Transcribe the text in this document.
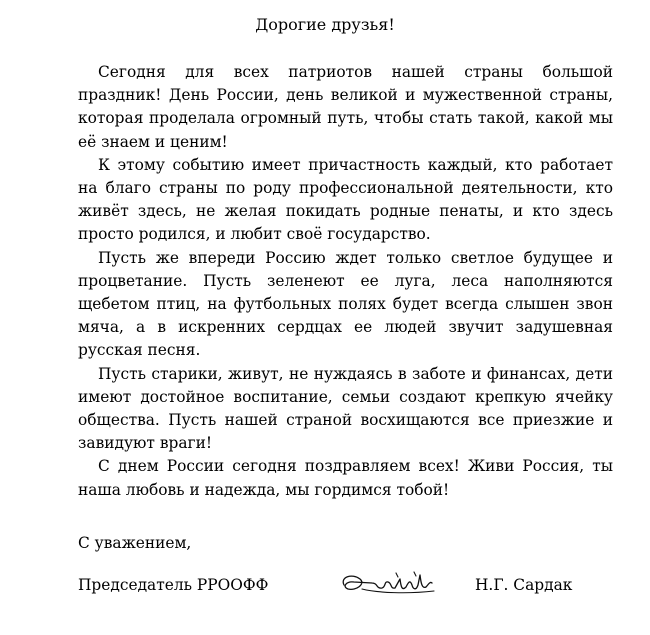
Дорогие друзья!

Сегодня для всех патриотов нашей страны большой праздник! День России, день великой и мужественной страны, которая проделала огромный путь, чтобы стать такой, какой мы её знаем и ценим!

К этому событию имеет причастность каждый, кто работает на благо страны по роду профессиональной деятельности, кто живёт здесь, не желая покидать родные пенаты, и кто здесь просто родился, и любит своё государство.

Пусть же впереди Россию ждет только светлое будущее и процветание. Пусть зеленеют ее луга, леса наполняются щебетом птиц, на футбольных полях будет всегда слышен звон мяча, а в искренних сердцах ее людей звучит задушевная русская песня.

Пусть старики, живут, не нуждаясь в заботе и финансах, дети имеют достойное воспитание, семьи создают крепкую ячейку общества. Пусть нашей страной восхищаются все приезжие и завидуют враги!

С днем России сегодня поздравляем всех! Живи Россия, ты наша любовь и надежда, мы гордимся тобой!

С уважением,

Председатель РРООФФ	Н.Г. Сардак
